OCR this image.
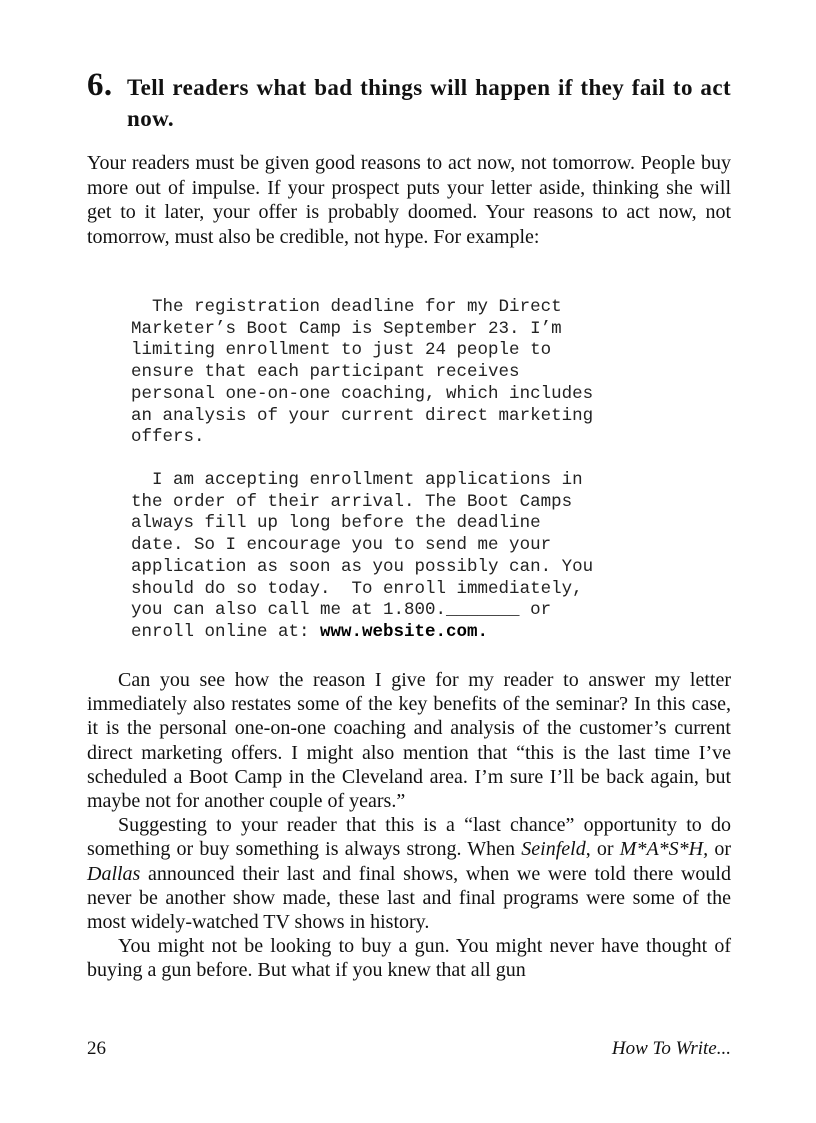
6. Tell readers what bad things will happen if they fail to act now.

Your readers must be given good reasons to act now, not tomorrow. People buy more out of impulse. If your prospect puts your letter aside, thinking she will get to it later, your offer is probably doomed. Your reasons to act now, not tomorrow, must also be credible, not hype. For example:

The registration deadline for my Direct
Marketer’s Boot Camp is September 23. I’m
limiting enrollment to just 24 people to
ensure that each participant receives
personal one-on-one coaching, which includes
an analysis of your current direct marketing
offers.
I am accepting enrollment applications in
the order of their arrival. The Boot Camps
always fill up long before the deadline
date. So I encourage you to send me your
application as soon as you possibly can. You
should do so today.  To enroll immediately,
you can also call me at 1.800._______ or
enroll online at: www.website.com.

Can you see how the reason I give for my reader to answer my letter immediately also restates some of the key benefits of the seminar? In this case, it is the personal one-on-one coaching and analysis of the customer’s current direct marketing offers. I might also mention that “this is the last time I’ve scheduled a Boot Camp in the Cleveland area. I’m sure I’ll be back again, but maybe not for another couple of years.”

Suggesting to your reader that this is a “last chance” opportunity to do something or buy something is always strong. When Seinfeld, or M*A*S*H, or Dallas announced their last and final shows, when we were told there would never be another show made, these last and final programs were some of the most widely-watched TV shows in history.

You might not be looking to buy a gun. You might never have thought of buying a gun before. But what if you knew that all gun

26	How To Write...
